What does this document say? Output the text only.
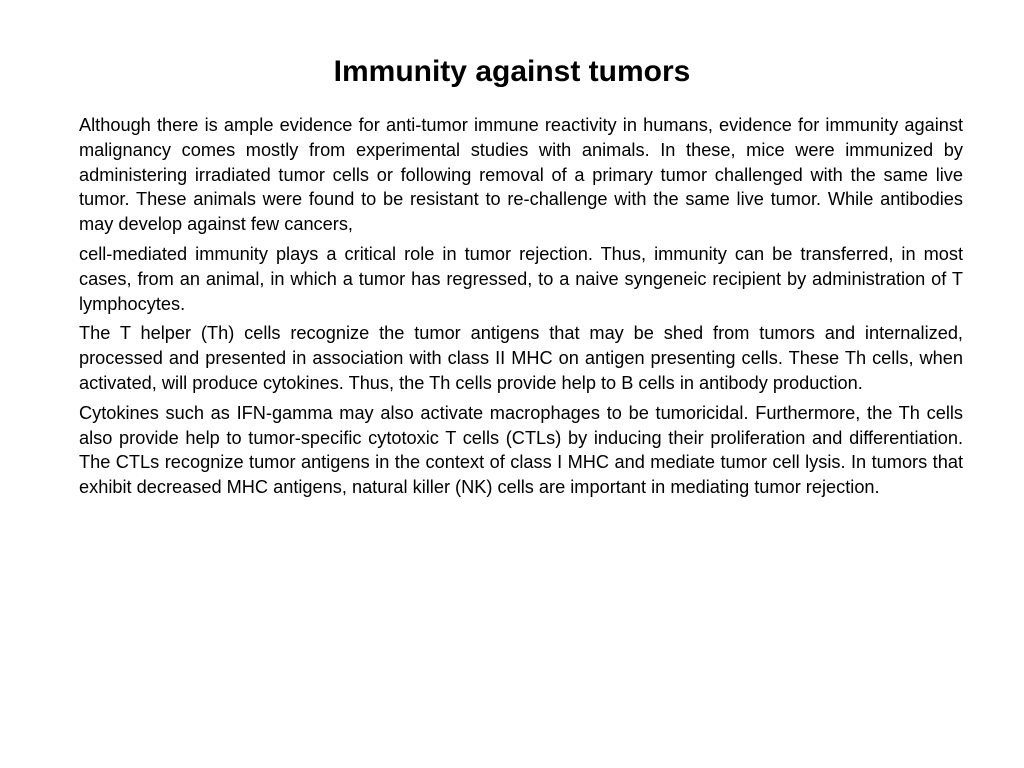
Immunity against tumors

Although there is ample evidence for anti-tumor immune reactivity in humans, evidence for immunity against malignancy comes mostly from experimental studies with animals. In these, mice were immunized by administering irradiated tumor cells or following removal of a primary tumor challenged with the same live tumor. These animals were found to be resistant to re-challenge with the same live tumor. While antibodies may develop against few cancers,

cell-mediated immunity plays a critical role in tumor rejection. Thus, immunity can be transferred, in most cases, from an animal, in which a tumor has regressed, to a naive syngeneic recipient by administration of T lymphocytes.

The T helper (Th) cells recognize the tumor antigens that may be shed from tumors and internalized, processed and presented in association with class II MHC on antigen presenting cells. These Th cells, when activated, will produce cytokines. Thus, the Th cells provide help to B cells in antibody production.

Cytokines such as IFN-gamma may also activate macrophages to be tumoricidal. Furthermore, the Th cells also provide help to tumor-specific cytotoxic T cells (CTLs) by inducing their proliferation and differentiation. The CTLs recognize tumor antigens in the context of class I MHC and mediate tumor cell lysis. In tumors that exhibit decreased MHC antigens, natural killer (NK) cells are important in mediating tumor rejection.
